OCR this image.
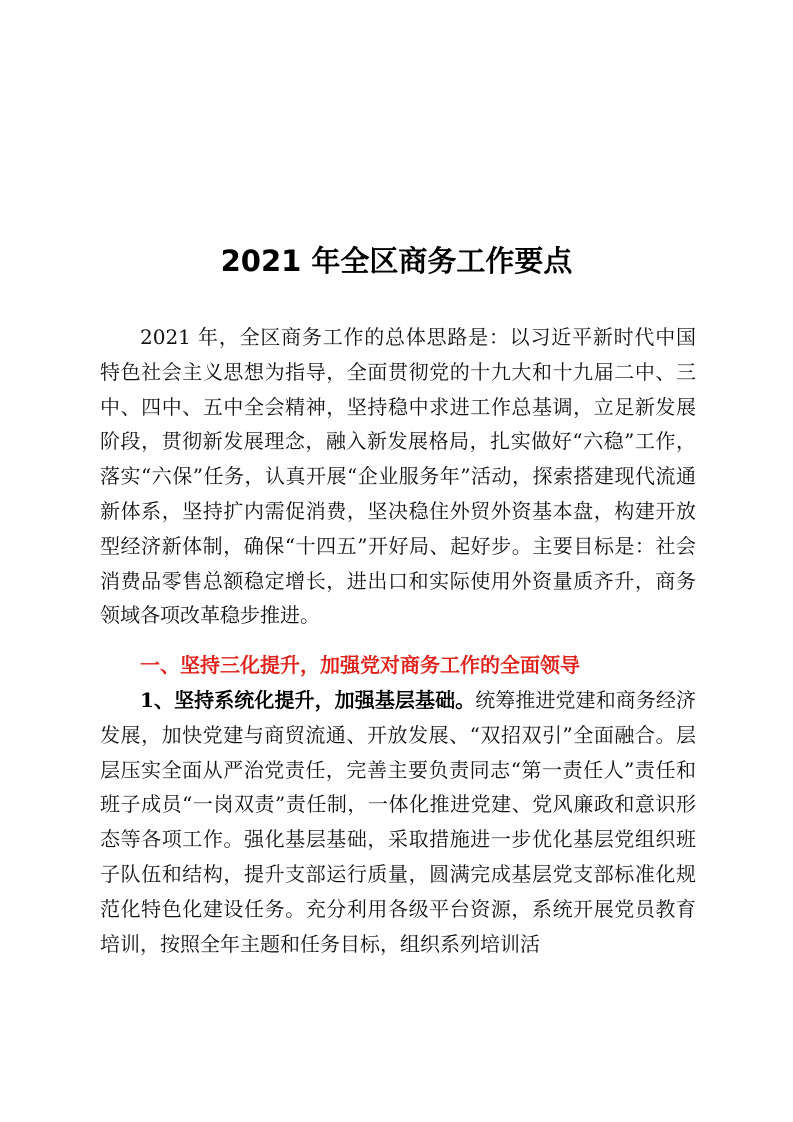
2021 年全区商务工作要点

2021 年，全区商务工作的总体思路是：以习近平新时代中国特色社会主义思想为指导，全面贯彻党的十九大和十九届二中、三中、四中、五中全会精神，坚持稳中求进工作总基调，立足新发展阶段，贯彻新发展理念，融入新发展格局，扎实做好“六稳”工作，落实“六保”任务，认真开展“企业服务年”活动，探索搭建现代流通新体系，坚持扩内需促消费，坚决稳住外贸外资基本盘，构建开放型经济新体制，确保“十四五”开好局、起好步。主要目标是：社会消费品零售总额稳定增长，进出口和实际使用外资量质齐升，商务领域各项改革稳步推进。

一、坚持三化提升，加强党对商务工作的全面领导

1、坚持系统化提升，加强基层基础。统筹推进党建和商务经济发展，加快党建与商贸流通、开放发展、“双招双引”全面融合。层层压实全面从严治党责任，完善主要负责同志“第一责任人”责任和班子成员“一岗双责”责任制，一体化推进党建、党风廉政和意识形态等各项工作。强化基层基础，采取措施进一步优化基层党组织班子队伍和结构，提升支部运行质量，圆满完成基层党支部标准化规范化特色化建设任务。充分利用各级平台资源，系统开展党员教育培训，按照全年主题和任务目标，组织系列培训活
